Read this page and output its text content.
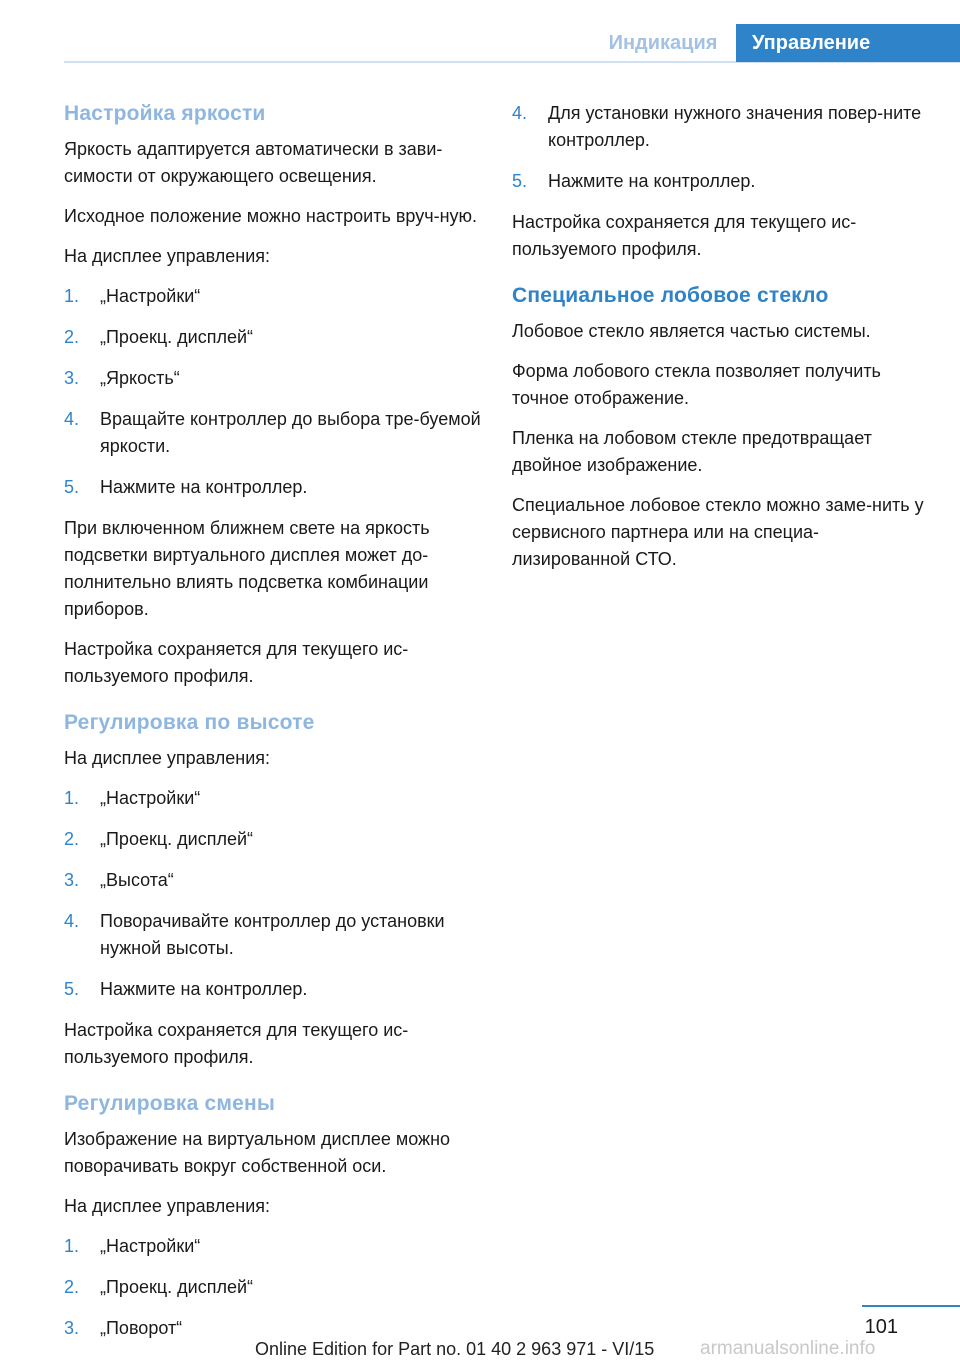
Индикация	Управление
Настройка яркости

Яркость адаптируется автоматически в зави-симости от окружающего освещения.

Исходное положение можно настроить вруч-ную.

На дисплее управления:

1. „Настройки“
2. „Проекц. дисплей“
3. „Яркость“
4. Вращайте контроллер до выбора тре-буемой яркости.
5. Нажмите на контроллер.

При включенном ближнем свете на яркость подсветки виртуального дисплея может до-полнительно влиять подсветка комбинации приборов.

Настройка сохраняется для текущего ис-пользуемого профиля.

Регулировка по высоте

На дисплее управления:

1. „Настройки“
2. „Проекц. дисплей“
3. „Высота“
4. Поворачивайте контроллер до установки нужной высоты.
5. Нажмите на контроллер.

Настройка сохраняется для текущего ис-пользуемого профиля.

Регулировка смены

Изображение на виртуальном дисплее можно поворачивать вокруг собственной оси.

На дисплее управления:

1. „Настройки“
2. „Проекц. дисплей“
3. „Поворот“
4. Для установки нужного значения повер-ните контроллер.
5. Нажмите на контроллер.

Настройка сохраняется для текущего ис-пользуемого профиля.

Специальное лобовое стекло

Лобовое стекло является частью системы.

Форма лобового стекла позволяет получить точное отображение.

Пленка на лобовом стекле предотвращает двойное изображение.

Специальное лобовое стекло можно заме-нить у сервисного партнера или на специа-лизированной СТО.

101
Online Edition for Part no. 01 40 2 963 971 - VI/15 armanualsonline.info
